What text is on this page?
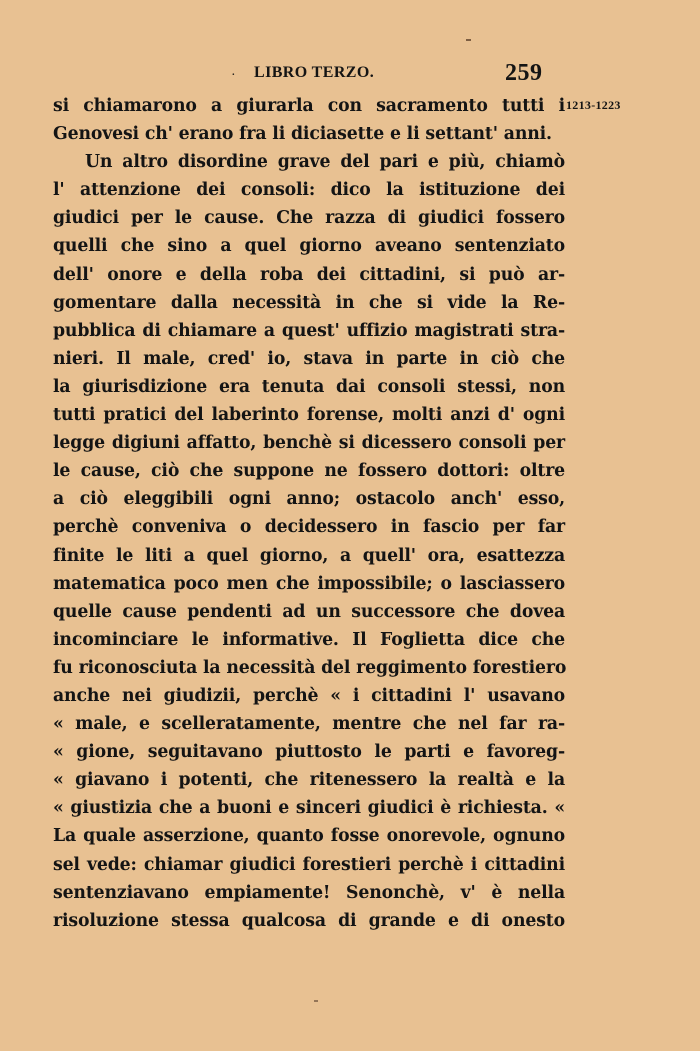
· LIBRO TERZO.	259
1213-1223
si chiamarono a giurarla con sacramento tutti i
Genovesi ch' erano fra li diciasette e li settant' anni.
Un altro disordine grave del pari e più, chiamò
l' attenzione dei consoli: dico la istituzione dei
giudici per le cause. Che razza di giudici fossero
quelli che sino a quel giorno aveano sentenziato
dell' onore e della roba dei cittadini, si può ar-
gomentare dalla necessità in che si vide la Re-
pubblica di chiamare a quest' uffizio magistrati stra-
nieri. Il male, cred' io, stava in parte in ciò che
la giurisdizione era tenuta dai consoli stessi, non
tutti pratici del laberinto forense, molti anzi d' ogni
legge digiuni affatto, benchè si dicessero consoli per
le cause, ciò che suppone ne fossero dottori: oltre
a ciò eleggibili ogni anno; ostacolo anch' esso,
perchè conveniva o decidessero in fascio per far
finite le liti a quel giorno, a quell' ora, esattezza
matematica poco men che impossibile; o lasciassero
quelle cause pendenti ad un successore che dovea
incominciare le informative. Il Foglietta dice che
fu riconosciuta la necessità del reggimento forestiero
anche nei giudizii, perchè « i cittadini l' usavano
« male, e scelleratamente, mentre che nel far ra-
« gione, seguitavano piuttosto le parti e favoreg-
« giavano i potenti, che ritenessero la realtà e la
« giustizia che a buoni e sinceri giudici è richiesta. «
La quale asserzione, quanto fosse onorevole, ognuno
sel vede: chiamar giudici forestieri perchè i cittadini
sentenziavano empiamente! Senonchè, v' è nella
risoluzione stessa qualcosa di grande e di onesto
